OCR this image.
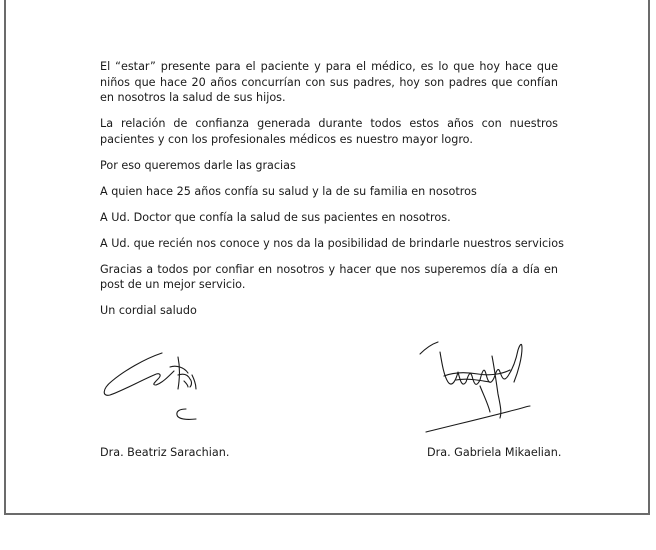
El “estar” presente para el paciente y para el médico, es lo que hoy hace que niños que hace 20 años concurrían con sus padres, hoy son padres que confían en nosotros la salud de sus hijos.

La relación de confianza generada durante todos estos años con nuestros pacientes y con los profesionales médicos es nuestro mayor logro.

Por eso queremos darle las gracias

A quien hace 25 años confía su salud y la de su familia en nosotros

A Ud. Doctor que confía la salud de sus pacientes en nosotros.

A Ud. que recién nos conoce y nos da la posibilidad de brindarle nuestros servicios

Gracias a todos por confiar en nosotros y hacer que nos superemos día a día en post de un mejor servicio.

Un cordial saludo

Dra. Beatriz Sarachian.	Dra. Gabriela Mikaelian.
